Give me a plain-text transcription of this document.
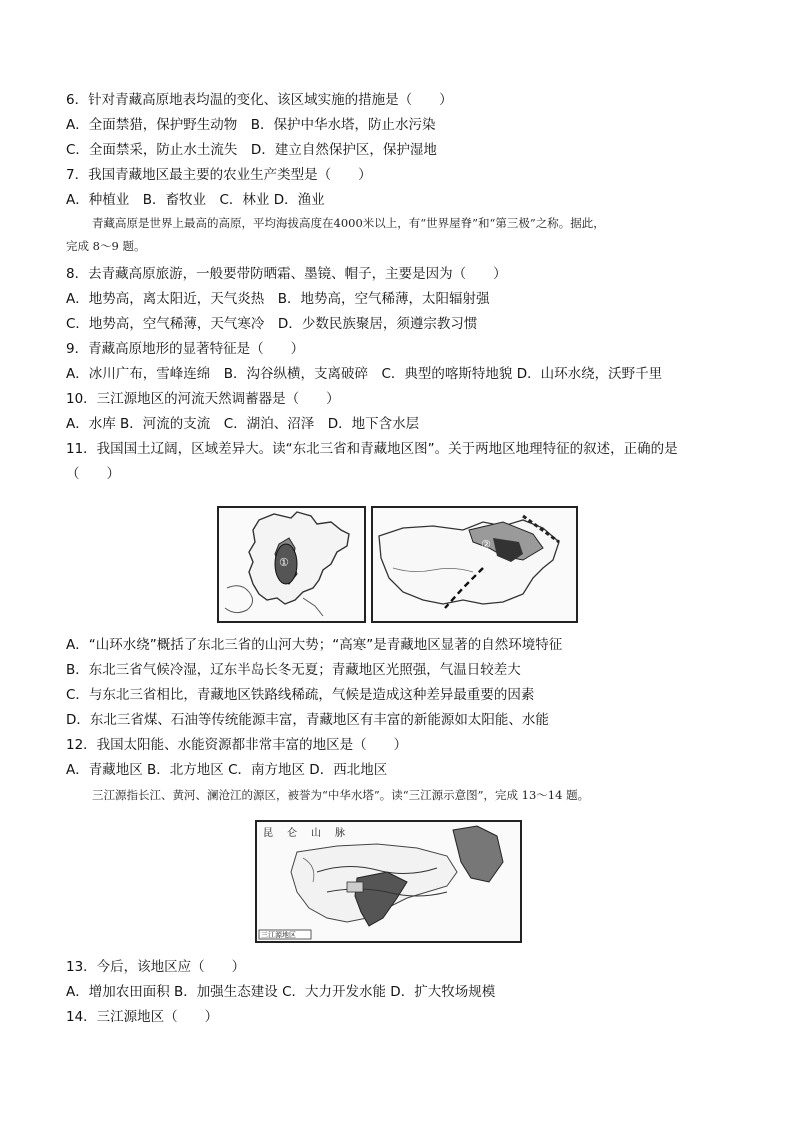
6．针对青藏高原地表均温的变化、该区域实施的措施是（　　）
A．全面禁猎，保护野生动物　B．保护中华水塔，防止水污染
C．全面禁采，防止水土流失　D．建立自然保护区，保护湿地
7．我国青藏地区最主要的农业生产类型是（　　）
A．种植业　B．畜牧业　C．林业 D．渔业
青藏高原是世界上最高的高原，平均海拔高度在4000米以上，有“世界屋脊”和“第三极”之称。据此，
完成 8～9 题。
8．去青藏高原旅游，一般要带防晒霜、墨镜、帽子，主要是因为（　　）
A．地势高，离太阳近，天气炎热　B．地势高，空气稀薄，太阳辐射强
C．地势高，空气稀薄，天气寒冷　D．少数民族聚居，须遵宗教习惯
9．青藏高原地形的显著特征是（　　）
A．冰川广布，雪峰连绵　B．沟谷纵横，支离破碎　C．典型的喀斯特地貌 D．山环水绕，沃野千里
10．三江源地区的河流天然调蓄器是（　　）
A．水库 B．河流的支流　C．湖泊、沼泽　D．地下含水层
11．我国国土辽阔，区域差异大。读“东北三省和青藏地区图”。关于两地区地理特征的叙述，正确的是
（　　）
①
②
A．“山环水绕”概括了东北三省的山河大势；“高寒”是青藏地区显著的自然环境特征
B．东北三省气候冷湿，辽东半岛长冬无夏；青藏地区光照强，气温日较差大
C．与东北三省相比，青藏地区铁路线稀疏，气候是造成这种差异最重要的因素
D．东北三省煤、石油等传统能源丰富，青藏地区有丰富的新能源如太阳能、水能
12．我国太阳能、水能资源都非常丰富的地区是（　　）
A．青藏地区 B．北方地区 C．南方地区 D．西北地区
三江源指长江、黄河、澜沧江的源区，被誉为“中华水塔”。读“三江源示意图”，完成 13～14 题。
昆　仑　山　脉
三江源地区
13．今后，该地区应（　　）
A．增加农田面积 B．加强生态建设 C．大力开发水能 D．扩大牧场规模
14．三江源地区（　　）
